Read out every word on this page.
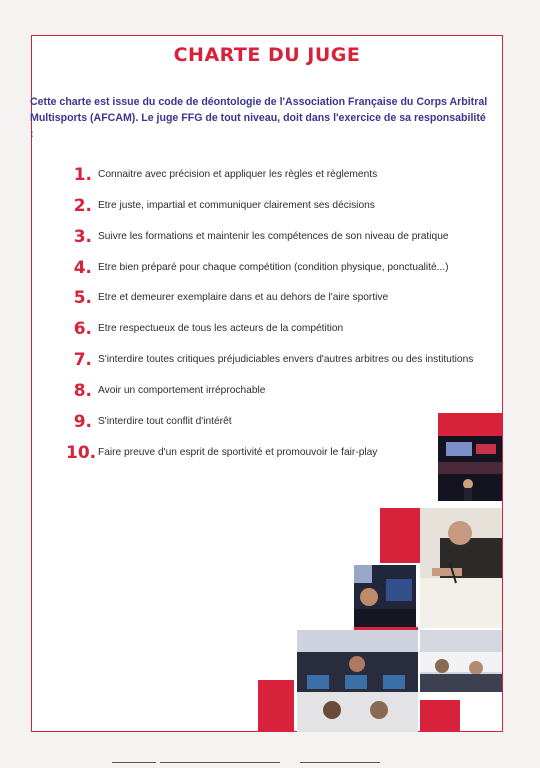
CHARTE DU JUGE
Cette charte est issue du code de déontologie de l'Association Française du Corps Arbitral Multisports (AFCAM). Le juge FFG de tout niveau, doit dans l'exercice de sa responsabilité :
1. Connaitre avec précision et appliquer les règles et règlements
2. Etre juste, impartial et communiquer clairement ses décisions
3. Suivre les formations et maintenir les compétences de son niveau de pratique
4. Etre bien préparé pour chaque compétition (condition physique, ponctualité...)
5. Etre et demeurer exemplaire dans et au dehors de l'aire sportive
6. Etre respectueux de tous les acteurs de la compétition
7. S'interdire toutes critiques préjudiciables envers d'autres arbitres ou des institutions
8. Avoir un comportement irréprochable
9. S'interdire tout conflit d'intérêt
10. Faire preuve d'un esprit de sportivité et promouvoir le fair-play
